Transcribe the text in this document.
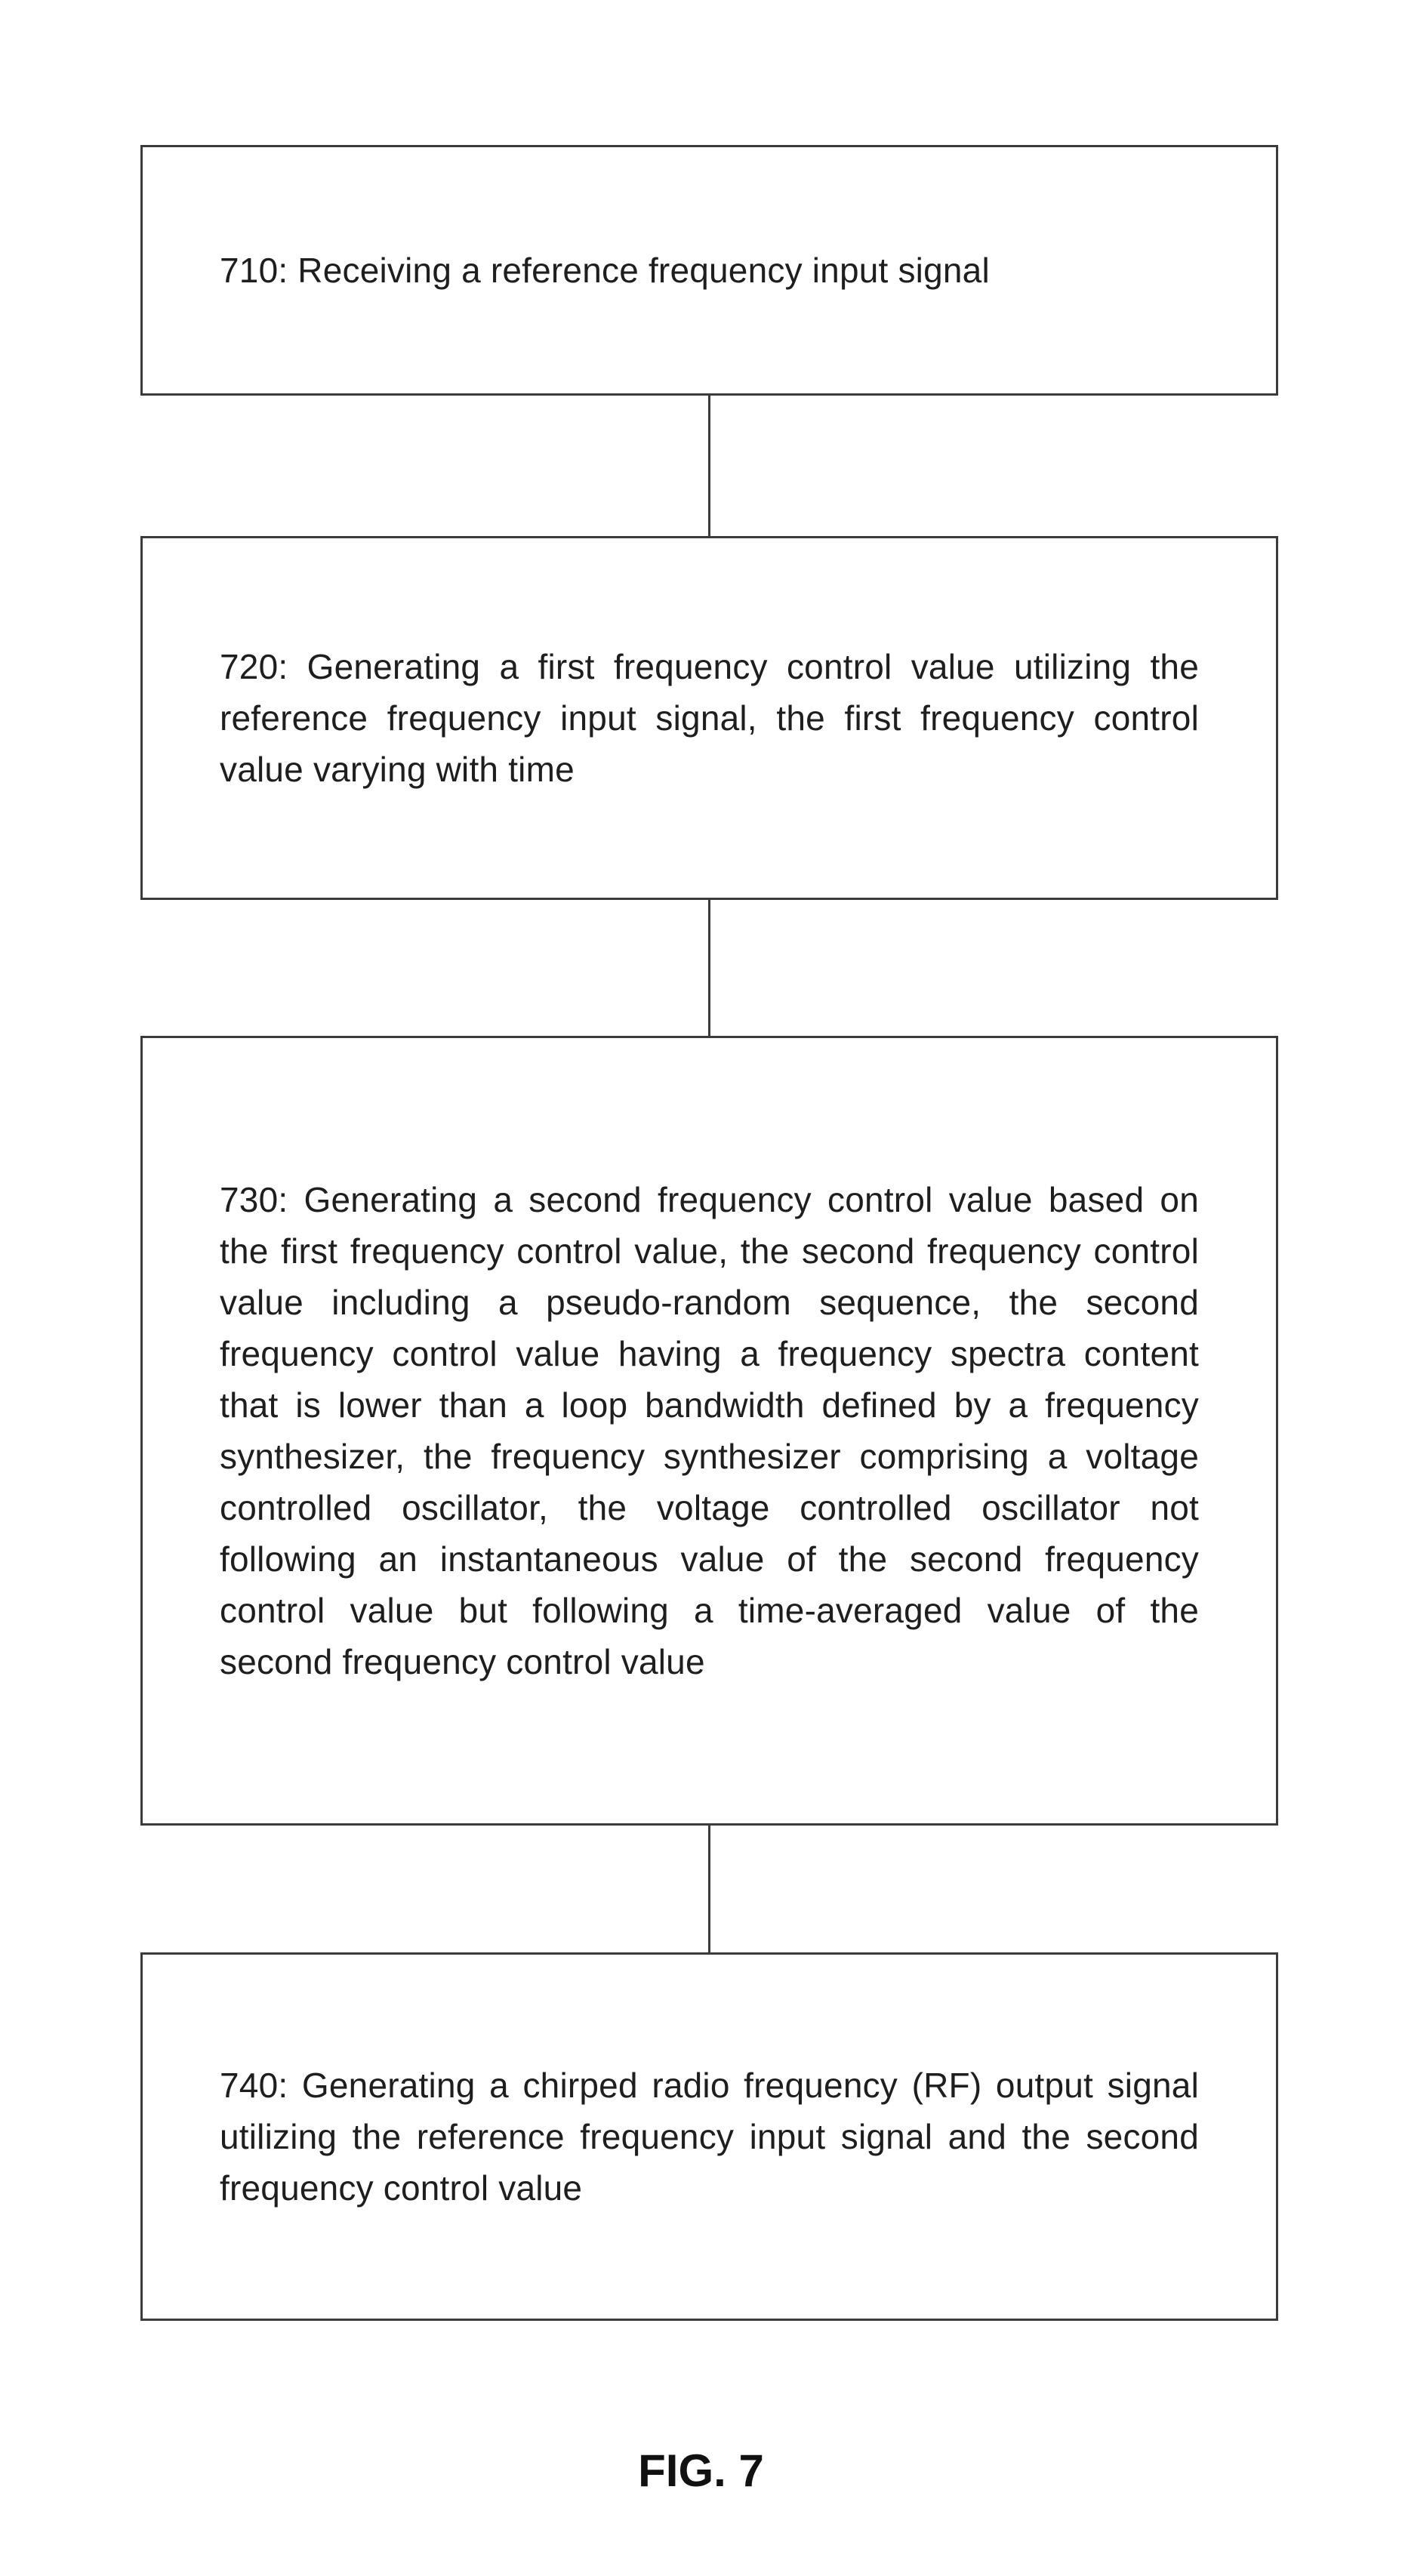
710: Receiving a reference frequency input signal

720: Generating a first frequency control value utilizing the reference frequency input signal, the first frequency control value varying with time

730: Generating a second frequency control value based on the first frequency control value, the second frequency control value including a pseudo-random sequence, the second frequency control value having a frequency spectra content that is lower than a loop bandwidth defined by a frequency synthesizer, the frequency synthesizer comprising a voltage controlled oscillator, the voltage controlled oscillator not following an instantaneous value of the second frequency control value but following a time-averaged value of the second frequency control value

740: Generating a chirped radio frequency (RF) output signal utilizing the reference frequency input signal and the second frequency control value

FIG. 7
